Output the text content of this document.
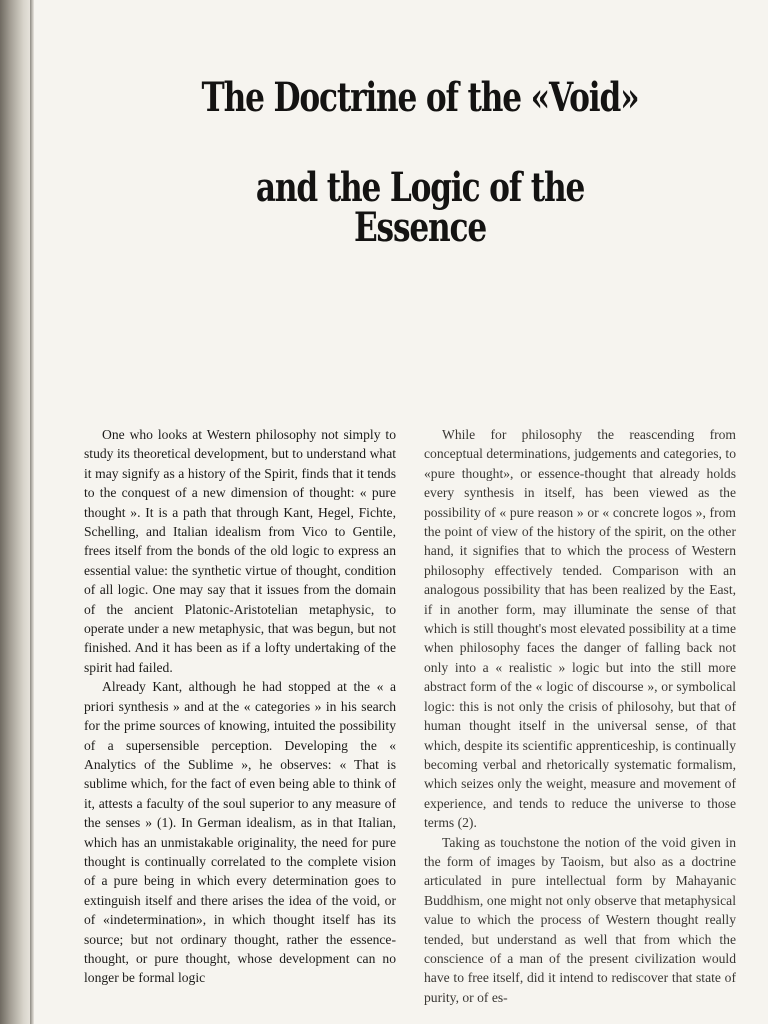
The Doctrine of the «Void»
and the Logic of the Essence

One who looks at Western philosophy not simply to study its theoretical development, but to understand what it may signify as a history of the Spirit, finds that it tends to the conquest of a new dimension of thought: « pure thought ». It is a path that through Kant, Hegel, Fichte, Schelling, and Italian idealism from Vico to Gentile, frees itself from the bonds of the old logic to express an essential value: the synthetic virtue of thought, condition of all logic. One may say that it issues from the domain of the ancient Platonic-Aristotelian metaphysic, to operate under a new metaphysic, that was begun, but not finished. And it has been as if a lofty undertaking of the spirit had failed.

Already Kant, although he had stopped at the « a priori synthesis » and at the « categories » in his search for the prime sources of knowing, intuited the possibility of a supersensible perception. Developing the « Analytics of the Sublime », he observes: « That is sublime which, for the fact of even being able to think of it, attests a faculty of the soul superior to any measure of the senses » (1). In German idealism, as in that Italian, which has an unmistakable originality, the need for pure thought is continually correlated to the complete vision of a pure being in which every determination goes to extinguish itself and there arises the idea of the void, or of «indetermination», in which thought itself has its source; but not ordinary thought, rather the essence-thought, or pure thought, whose development can no longer be formal logic

While for philosophy the reascending from conceptual determinations, judgements and categories, to «pure thought», or essence-thought that already holds every synthesis in itself, has been viewed as the possibility of « pure reason » or « concrete logos », from the point of view of the history of the spirit, on the other hand, it signifies that to which the process of Western philosophy effectively tended. Comparison with an analogous possibility that has been realized by the East, if in another form, may illuminate the sense of that which is still thought's most elevated possibility at a time when philosophy faces the danger of falling back not only into a « realistic » logic but into the still more abstract form of the « logic of discourse », or symbolical logic: this is not only the crisis of philosohy, but that of human thought itself in the universal sense, of that which, despite its scientific apprenticeship, is continually becoming verbal and rhetorically systematic formalism, which seizes only the weight, measure and movement of experience, and tends to reduce the universe to those terms (2).

Taking as touchstone the notion of the void given in the form of images by Taoism, but also as a doctrine articulated in pure intellectual form by Mahayanic Buddhism, one might not only observe that metaphysical value to which the process of Western thought really tended, but understand as well that from which the conscience of a man of the present civilization would have to free itself, did it intend to rediscover that state of purity, or of es-
